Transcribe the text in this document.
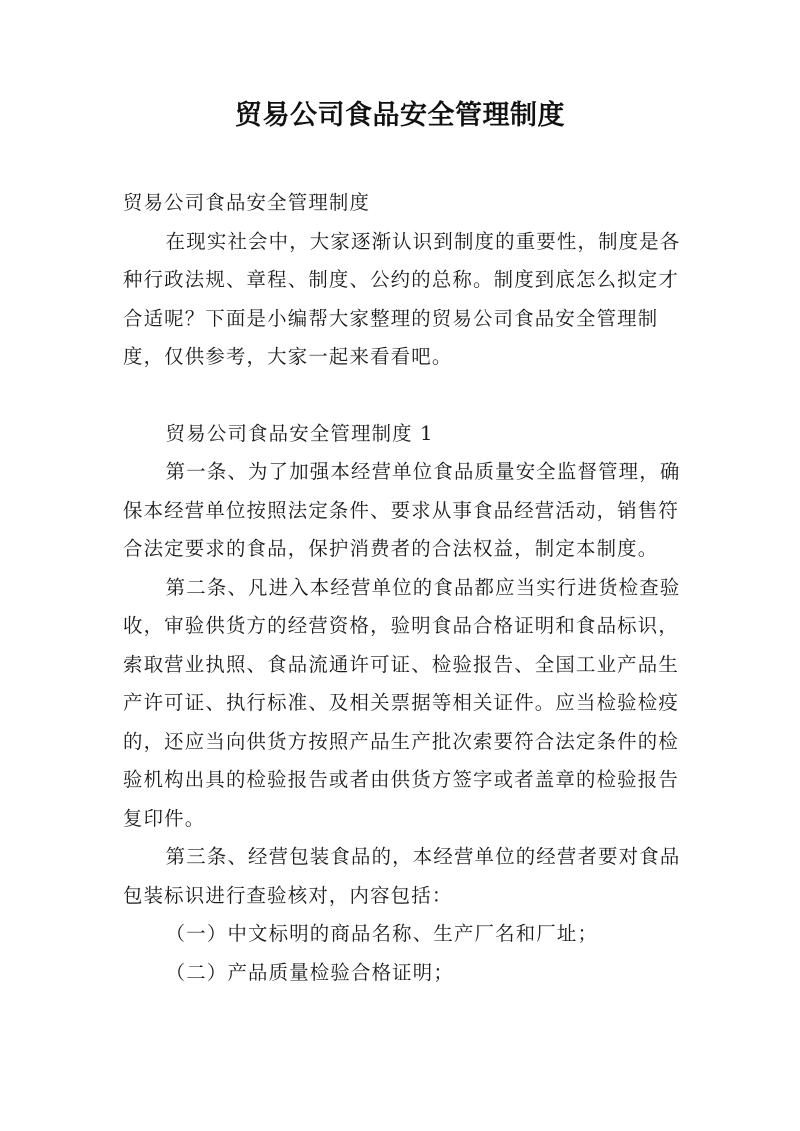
贸易公司食品安全管理制度

贸易公司食品安全管理制度

在现实社会中，大家逐渐认识到制度的重要性，制度是各种行政法规、章程、制度、公约的总称。制度到底怎么拟定才合适呢？下面是小编帮大家整理的贸易公司食品安全管理制度，仅供参考，大家一起来看看吧。

贸易公司食品安全管理制度 1

第一条、为了加强本经营单位食品质量安全监督管理，确保本经营单位按照法定条件、要求从事食品经营活动，销售符合法定要求的食品，保护消费者的合法权益，制定本制度。

第二条、凡进入本经营单位的食品都应当实行进货检查验收，审验供货方的经营资格，验明食品合格证明和食品标识，索取营业执照、食品流通许可证、检验报告、全国工业产品生产许可证、执行标准、及相关票据等相关证件。应当检验检疫的，还应当向供货方按照产品生产批次索要符合法定条件的检验机构出具的检验报告或者由供货方签字或者盖章的检验报告复印件。

第三条、经营包装食品的，本经营单位的经营者要对食品包装标识进行查验核对，内容包括：

（一）中文标明的商品名称、生产厂名和厂址；

（二）产品质量检验合格证明；
